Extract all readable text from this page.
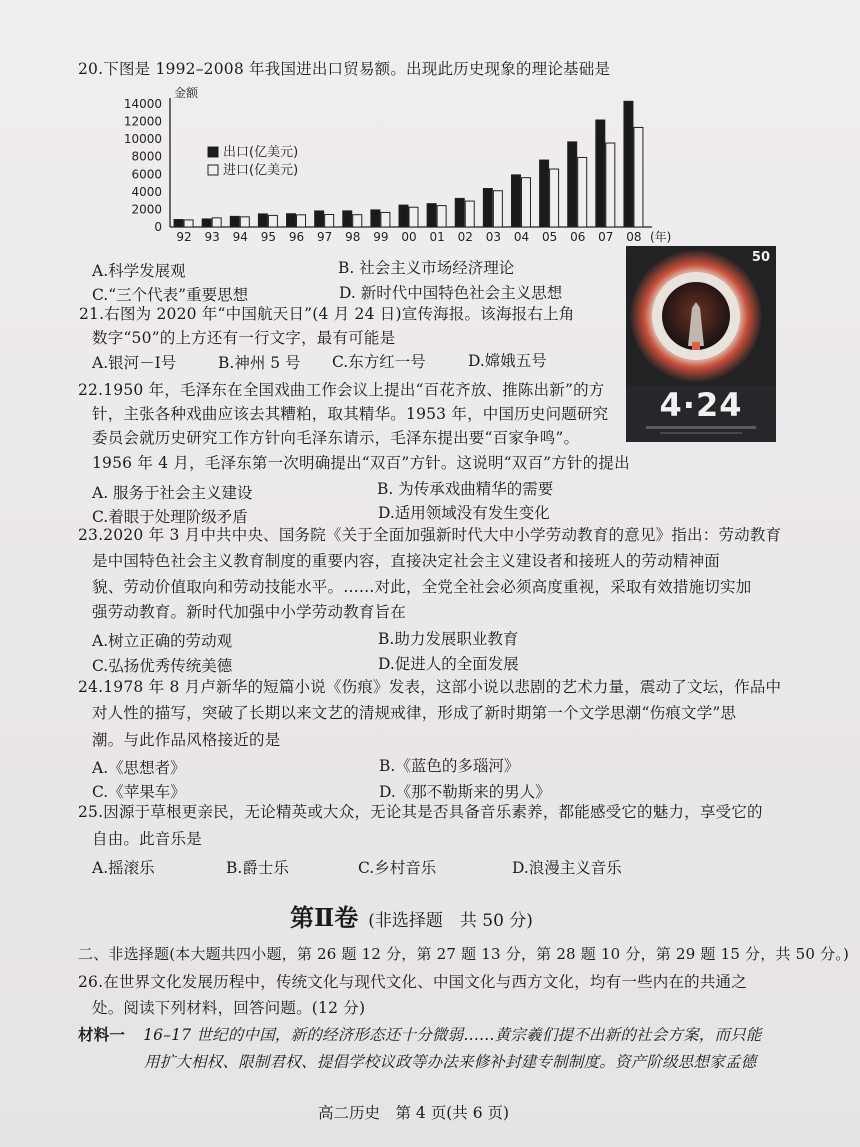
20.下图是 1992–2008 年我国进出口贸易额。出现此历史现象的理论基础是
金额
0
2000
4000
6000
8000
10000
12000
14000
92 93 94 95 96 97 98 99 00 01 02 03 04 05 06 07 08 (年)
出口(亿美元)
进口(亿美元)
A.科学发展观	B. 社会主义市场经济理论
C.“三个代表”重要思想	D. 新时代中国特色社会主义思想
21.右图为 2020 年“中国航天日”(4 月 24 日)宣传海报。该海报右上角
数字“50”的上方还有一行文字，最有可能是
A.银河－Ⅰ号	B.神州 5 号 C.东方红一号	D.嫦娥五号
50
4·24
22.1950 年，毛泽东在全国戏曲工作会议上提出“百花齐放、推陈出新”的方
针，主张各种戏曲应该去其糟粕，取其精华。1953 年，中国历史问题研究
委员会就历史研究工作方针向毛泽东请示，毛泽东提出要“百家争鸣”。
1956 年 4 月，毛泽东第一次明确提出“双百”方针。这说明“双百”方针的提出
A. 服务于社会主义建设	B. 为传承戏曲精华的需要
C.着眼于处理阶级矛盾	D.适用领域没有发生变化
23.2020 年 3 月中共中央、国务院《关于全面加强新时代大中小学劳动教育的意见》指出：劳动教育
是中国特色社会主义教育制度的重要内容，直接决定社会主义建设者和接班人的劳动精神面
貌、劳动价值取向和劳动技能水平。……对此，全党全社会必须高度重视，采取有效措施切实加
强劳动教育。新时代加强中小学劳动教育旨在
A.树立正确的劳动观	B.助力发展职业教育
C.弘扬优秀传统美德	D.促进人的全面发展
24.1978 年 8 月卢新华的短篇小说《伤痕》发表，这部小说以悲剧的艺术力量，震动了文坛，作品中
对人性的描写，突破了长期以来文艺的清规戒律，形成了新时期第一个文学思潮“伤痕文学”思
潮。与此作品风格接近的是
A.《思想者》	B.《蓝色的多瑙河》
C.《苹果车》	D.《那不勒斯来的男人》
25.因源于草根更亲民，无论精英或大众，无论其是否具备音乐素养，都能感受它的魅力，享受它的
自由。此音乐是
A.摇滚乐	B.爵士乐	C.乡村音乐	D.浪漫主义音乐
第Ⅱ卷 (非选择题　共 50 分)
二、非选择题(本大题共四小题，第 26 题 12 分，第 27 题 13 分，第 28 题 10 分，第 29 题 15 分，共 50 分。)
26.在世界文化发展历程中，传统文化与现代文化、中国文化与西方文化，均有一些内在的共通之
处。阅读下列材料，回答问题。(12 分)
材料一 16–17 世纪的中国，新的经济形态还十分微弱……黄宗羲们提不出新的社会方案，而只能
用扩大相权、限制君权、提倡学校议政等办法来修补封建专制制度。资产阶级思想家孟德
高二历史　第 4 页(共 6 页)
